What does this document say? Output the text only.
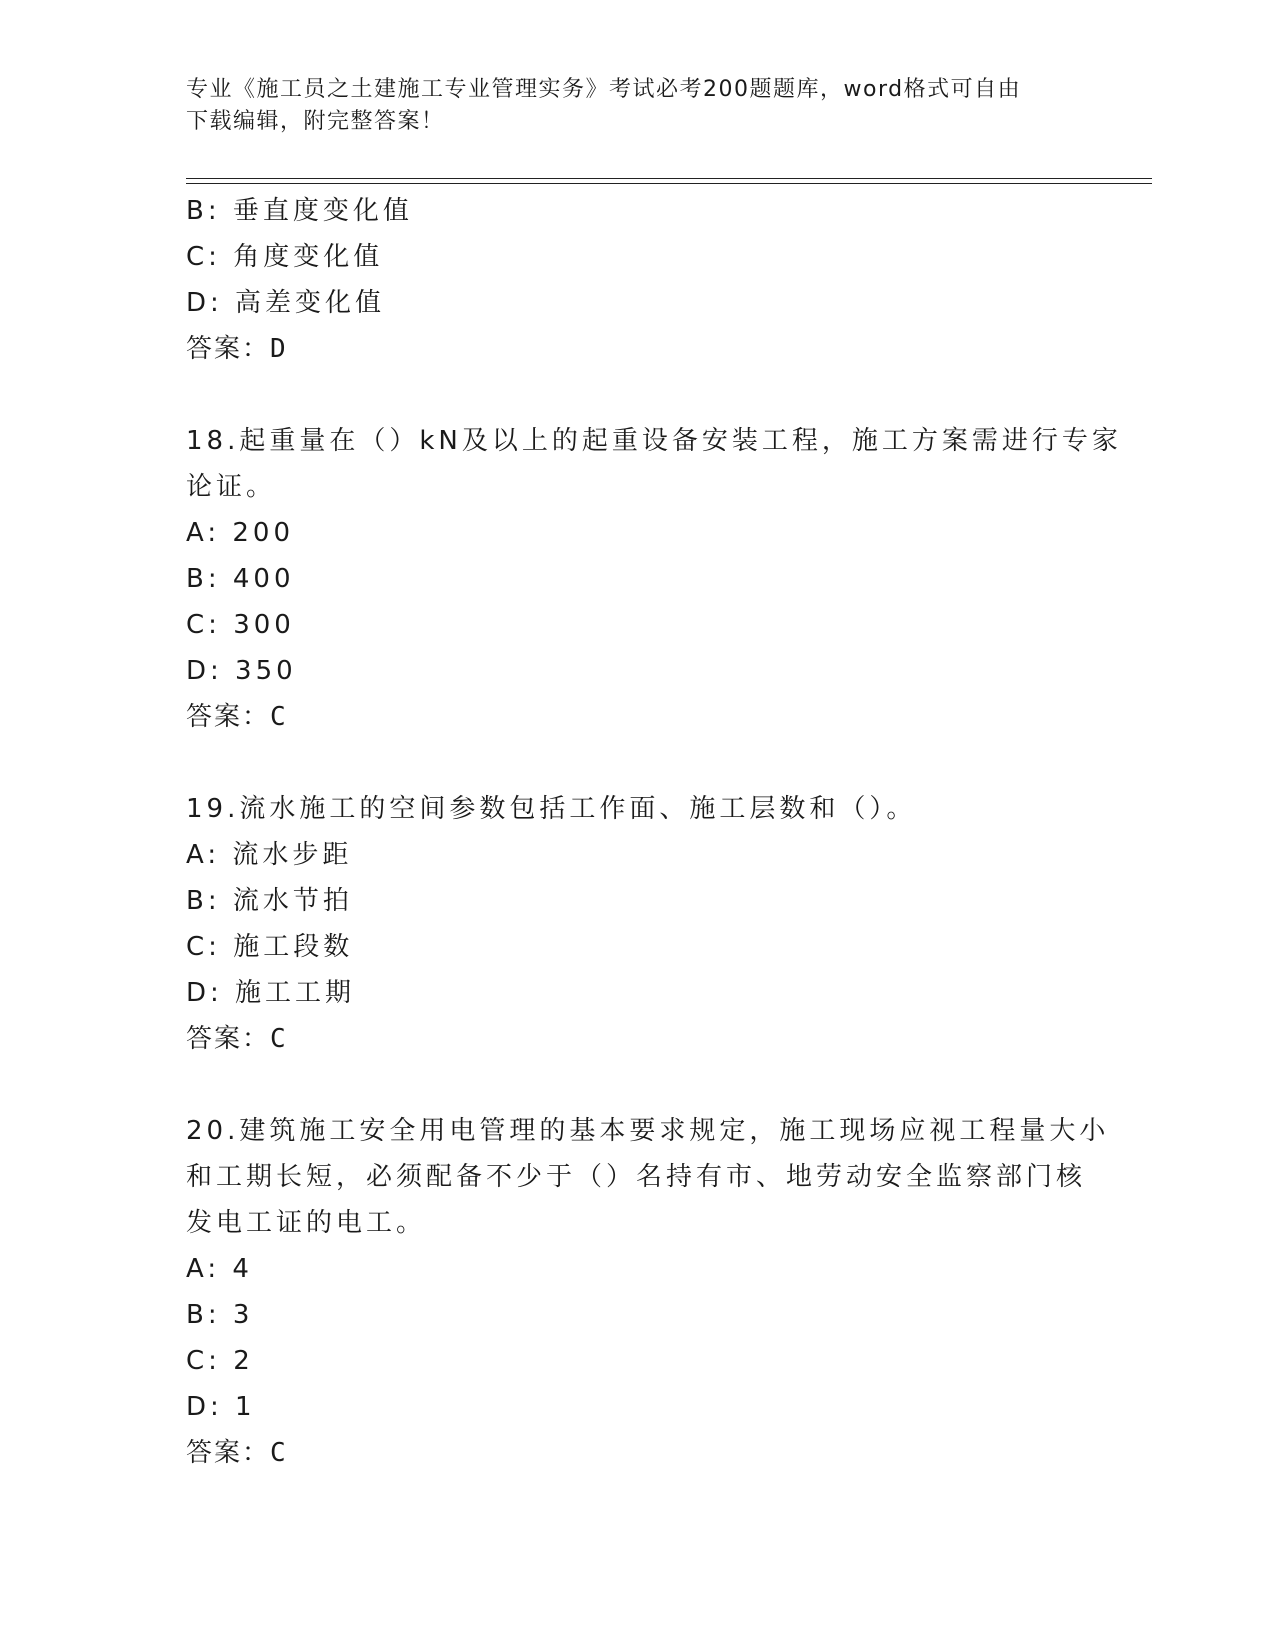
专业《施工员之土建施工专业管理实务》考试必考200题题库，word格式可自由
下载编辑，附完整答案！
B: 垂直度变化值
C: 角度变化值
D: 高差变化值
答案：D
18.起重量在（）kN及以上的起重设备安装工程，施工方案需进行专家
论证。
A: 200
B: 400
C: 300
D: 350
答案：C
19.流水施工的空间参数包括工作面、施工层数和（）。
A: 流水步距
B: 流水节拍
C: 施工段数
D: 施工工期
答案：C
20.建筑施工安全用电管理的基本要求规定，施工现场应视工程量大小
和工期长短，必须配备不少于（）名持有市、地劳动安全监察部门核
发电工证的电工。
A: 4
B: 3
C: 2
D: 1
答案：C
